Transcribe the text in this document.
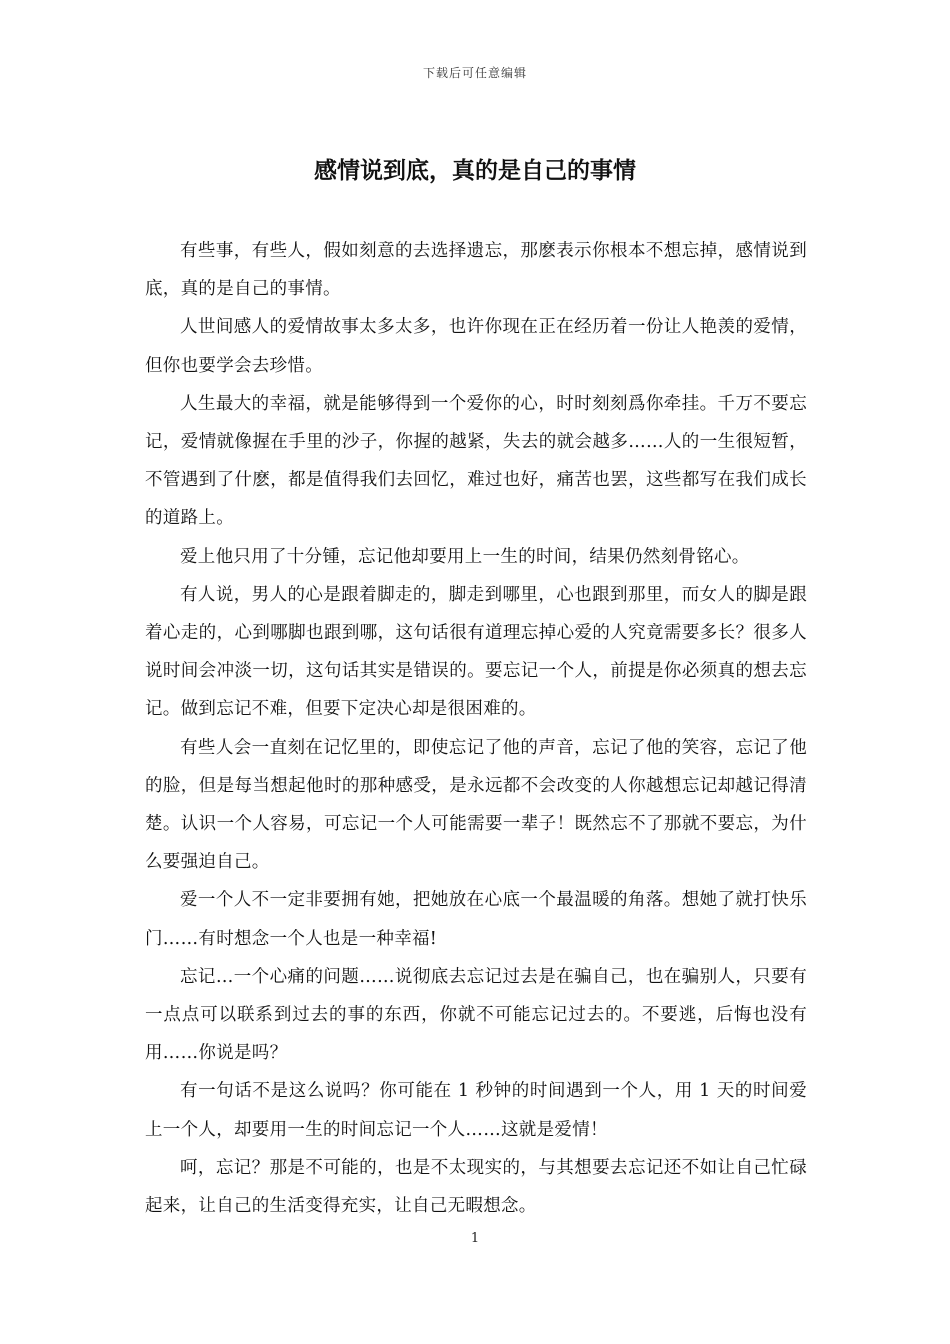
下载后可任意编辑
感情说到底，真的是自己的事情

有些事，有些人，假如刻意的去选择遗忘，那麽表示你根本不想忘掉，感情说到底，真的是自己的事情。

人世间感人的爱情故事太多太多，也许你现在正在经历着一份让人艳羡的爱情，但你也要学会去珍惜。

人生最大的幸福，就是能够得到一个爱你的心，时时刻刻爲你牵挂。千万不要忘记，爱情就像握在手里的沙子，你握的越紧，失去的就会越多……人的一生很短暂，不管遇到了什麽，都是值得我们去回忆，难过也好，痛苦也罢，这些都写在我们成长的道路上。

爱上他只用了十分锺，忘记他却要用上一生的时间，结果仍然刻骨铭心。

有人说，男人的心是跟着脚走的，脚走到哪里，心也跟到那里，而女人的脚是跟着心走的，心到哪脚也跟到哪，这句话很有道理忘掉心爱的人究竟需要多长？很多人说时间会冲淡一切，这句话其实是错误的。要忘记一个人，前提是你必须真的想去忘记。做到忘记不难，但要下定决心却是很困难的。

有些人会一直刻在记忆里的，即使忘记了他的声音，忘记了他的笑容，忘记了他的脸，但是每当想起他时的那种感受，是永远都不会改变的人你越想忘记却越记得清楚。认识一个人容易，可忘记一个人可能需要一辈子！既然忘不了那就不要忘，为什么要强迫自己。

爱一个人不一定非要拥有她，把她放在心底一个最温暖的角落。想她了就打快乐门……有时想念一个人也是一种幸福!

忘记…一个心痛的问题……说彻底去忘记过去是在骗自己，也在骗别人，只要有一点点可以联系到过去的事的东西，你就不可能忘记过去的。不要逃，后悔也没有用……你说是吗？

有一句话不是这么说吗？你可能在 1 秒钟的时间遇到一个人，用 1 天的时间爱上一个人，却要用一生的时间忘记一个人……这就是爱情！

呵，忘记？那是不可能的，也是不太现实的，与其想要去忘记还不如让自己忙碌起来，让自己的生活变得充实，让自己无暇想念。

1
